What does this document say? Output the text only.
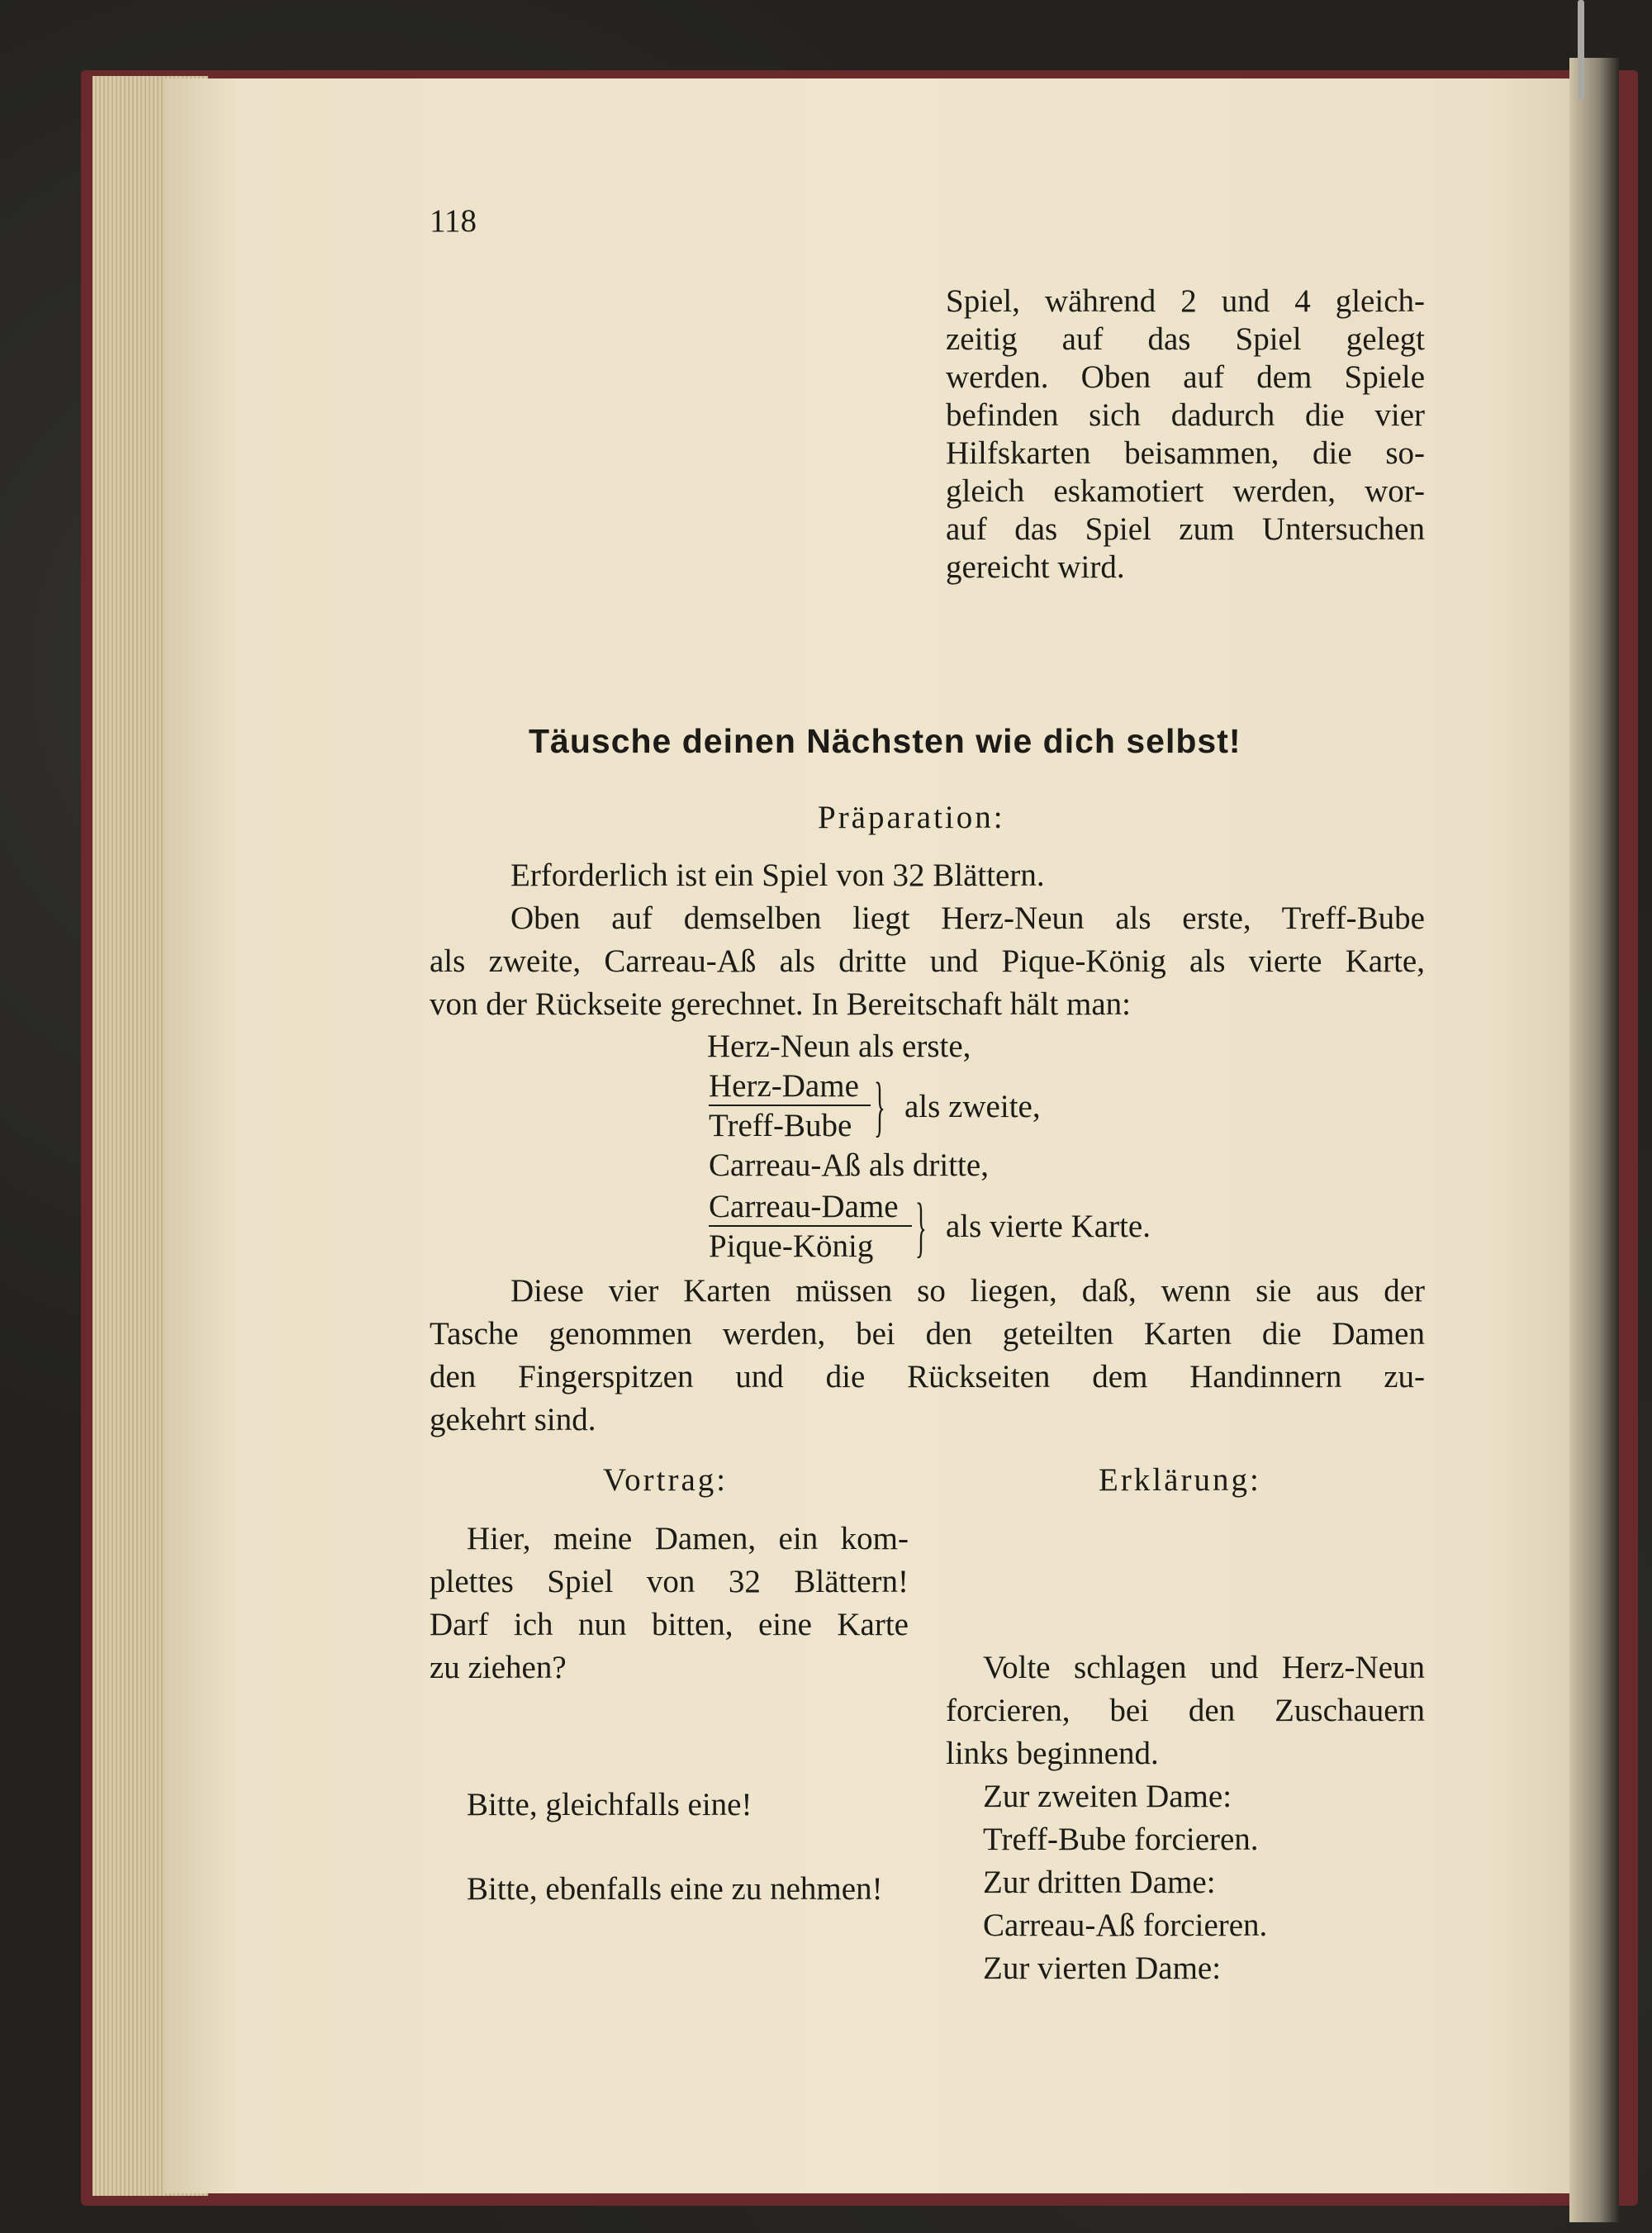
118

Spiel, während 2 und 4 gleich-

zeitig auf das Spiel gelegt

werden. Oben auf dem Spiele

befinden sich dadurch die vier

Hilfskarten beisammen, die so-

gleich eskamotiert werden, wor-

auf das Spiel zum Untersuchen

gereicht wird.

Täusche deinen Nächsten wie dich selbst!

Präparation:

Erforderlich ist ein Spiel von 32 Blättern.

Oben auf demselben liegt Herz-Neun als erste, Treff-Bube

als zweite, Carreau-Aß als dritte und Pique-König als vierte Karte,

von der Rückseite gerechnet. In Bereitschaft hält man:

Herz-Neun als erste,

Herz-Dame

Treff-Bube } als zweite,

Carreau-Aß als dritte,

Carreau-Dame

Pique-König } als vierte Karte.

Diese vier Karten müssen so liegen, daß, wenn sie aus der

Tasche genommen werden, bei den geteilten Karten die Damen

den Fingerspitzen und die Rückseiten dem Handinnern zu-

gekehrt sind.

Vortrag:	Erklärung:

Hier, meine Damen, ein kom-

plettes Spiel von 32 Blättern!

Darf ich nun bitten, eine Karte

zu ziehen?

Bitte, gleichfalls eine!

Bitte, ebenfalls eine zu nehmen!

Volte schlagen und Herz-Neun

forcieren, bei den Zuschauern

links beginnend.

Zur zweiten Dame:

Treff-Bube forcieren.

Zur dritten Dame:

Carreau-Aß forcieren.

Zur vierten Dame:
